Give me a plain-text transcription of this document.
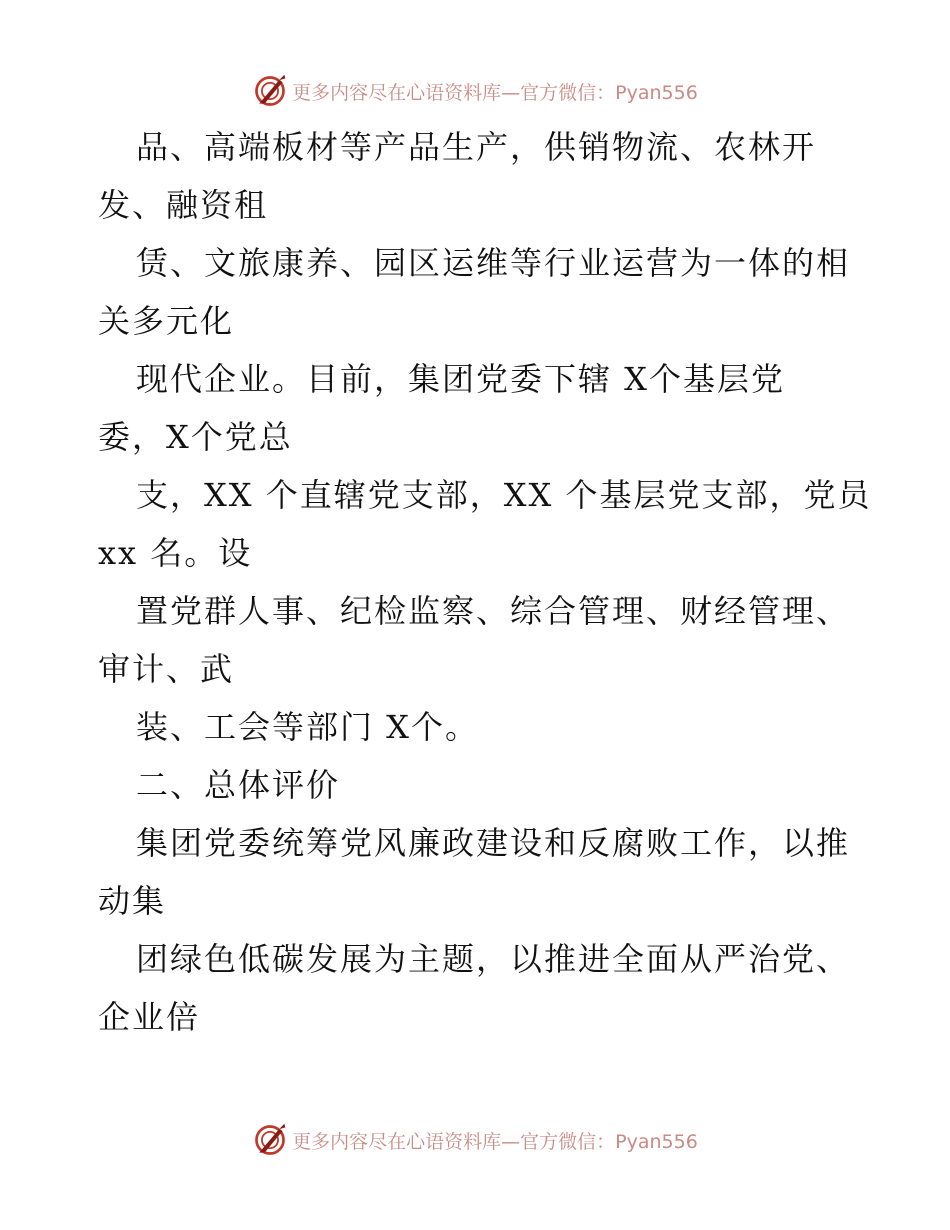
更多内容尽在心语资料库—官方微信：Pyan556
品、高端板材等产品生产，供销物流、农林开
发、融资租
赁、文旅康养、园区运维等行业运营为一体的相
关多元化
现代企业。目前，集团党委下辖 X个基层党
委，X个党总
支，XX 个直辖党支部，XX 个基层党支部，党员
xx 名。设
置党群人事、纪检监察、综合管理、财经管理、
审计、武
装、工会等部门 X个。
二、总体评价
集团党委统筹党风廉政建设和反腐败工作，以推
动集
团绿色低碳发展为主题，以推进全面从严治党、
企业倍
更多内容尽在心语资料库—官方微信：Pyan556
